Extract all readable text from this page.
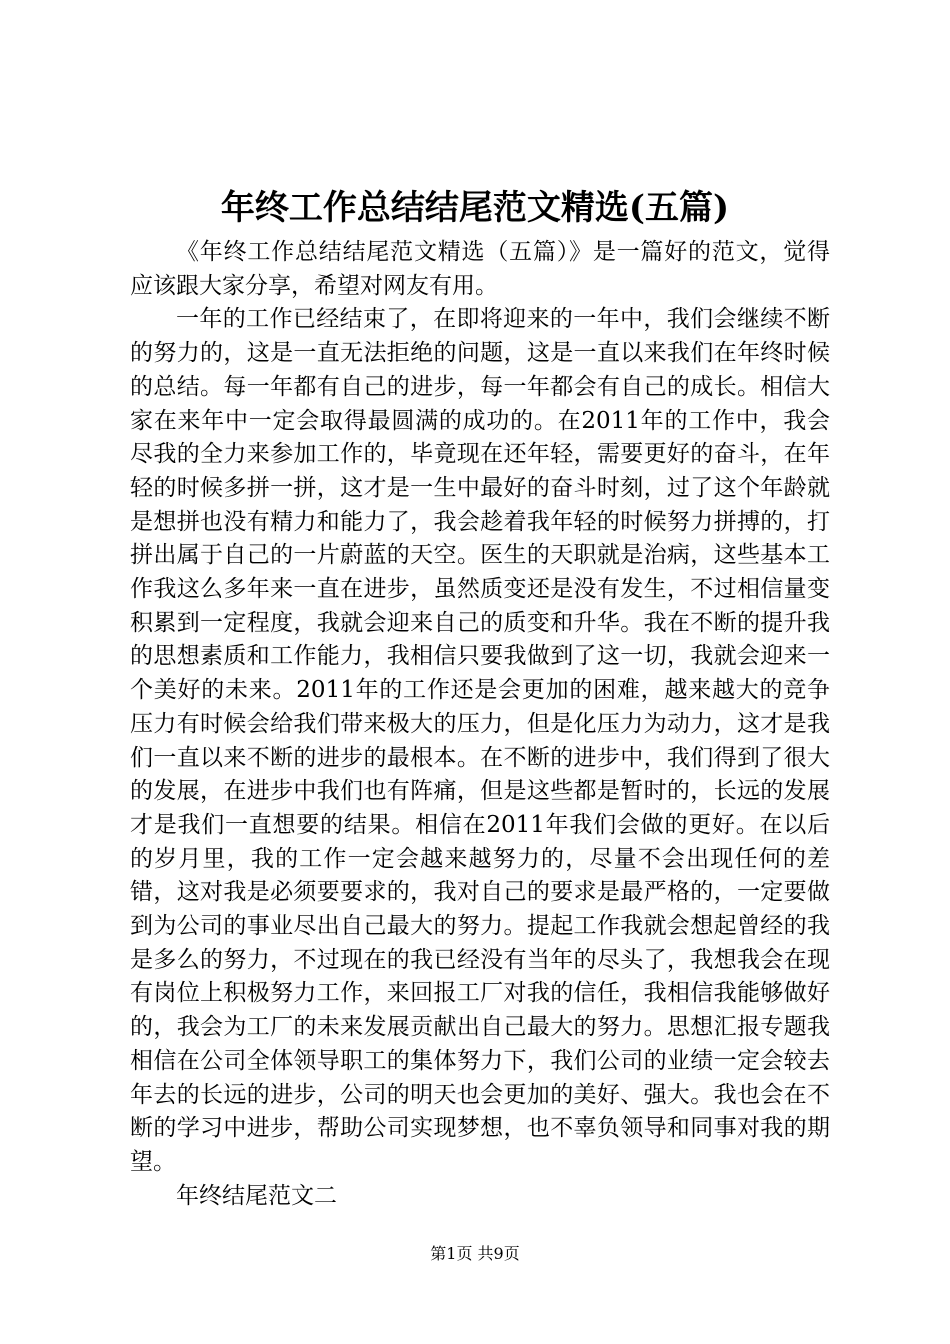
年终工作总结结尾范文精选(五篇)

《年终工作总结结尾范文精选（五篇）》是一篇好的范文，觉得应该跟大家分享，希望对网友有用。

一年的工作已经结束了，在即将迎来的一年中，我们会继续不断的努力的，这是一直无法拒绝的问题，这是一直以来我们在年终时候的总结。每一年都有自己的进步，每一年都会有自己的成长。相信大家在来年中一定会取得最圆满的成功的。在2011年的工作中，我会尽我的全力来参加工作的，毕竟现在还年轻，需要更好的奋斗，在年轻的时候多拼一拼，这才是一生中最好的奋斗时刻，过了这个年龄就是想拼也没有精力和能力了，我会趁着我年轻的时候努力拼搏的，打拼出属于自己的一片蔚蓝的天空。医生的天职就是治病，这些基本工作我这么多年来一直在进步，虽然质变还是没有发生，不过相信量变积累到一定程度，我就会迎来自己的质变和升华。我在不断的提升我的思想素质和工作能力，我相信只要我做到了这一切，我就会迎来一个美好的未来。2011年的工作还是会更加的困难，越来越大的竞争压力有时候会给我们带来极大的压力，但是化压力为动力，这才是我们一直以来不断的进步的最根本。在不断的进步中，我们得到了很大的发展，在进步中我们也有阵痛，但是这些都是暂时的，长远的发展才是我们一直想要的结果。相信在2011年我们会做的更好。在以后的岁月里，我的工作一定会越来越努力的，尽量不会出现任何的差错，这对我是必须要要求的，我对自己的要求是最严格的，一定要做到为公司的事业尽出自己最大的努力。提起工作我就会想起曾经的我是多么的努力，不过现在的我已经没有当年的尽头了，我想我会在现有岗位上积极努力工作，来回报工厂对我的信任，我相信我能够做好的，我会为工厂的未来发展贡献出自己最大的努力。思想汇报专题我相信在公司全体领导职工的集体努力下，我们公司的业绩一定会较去年去的长远的进步，公司的明天也会更加的美好、强大。我也会在不断的学习中进步，帮助公司实现梦想，也不辜负领导和同事对我的期望。

年终结尾范文二

第1页 共9页
